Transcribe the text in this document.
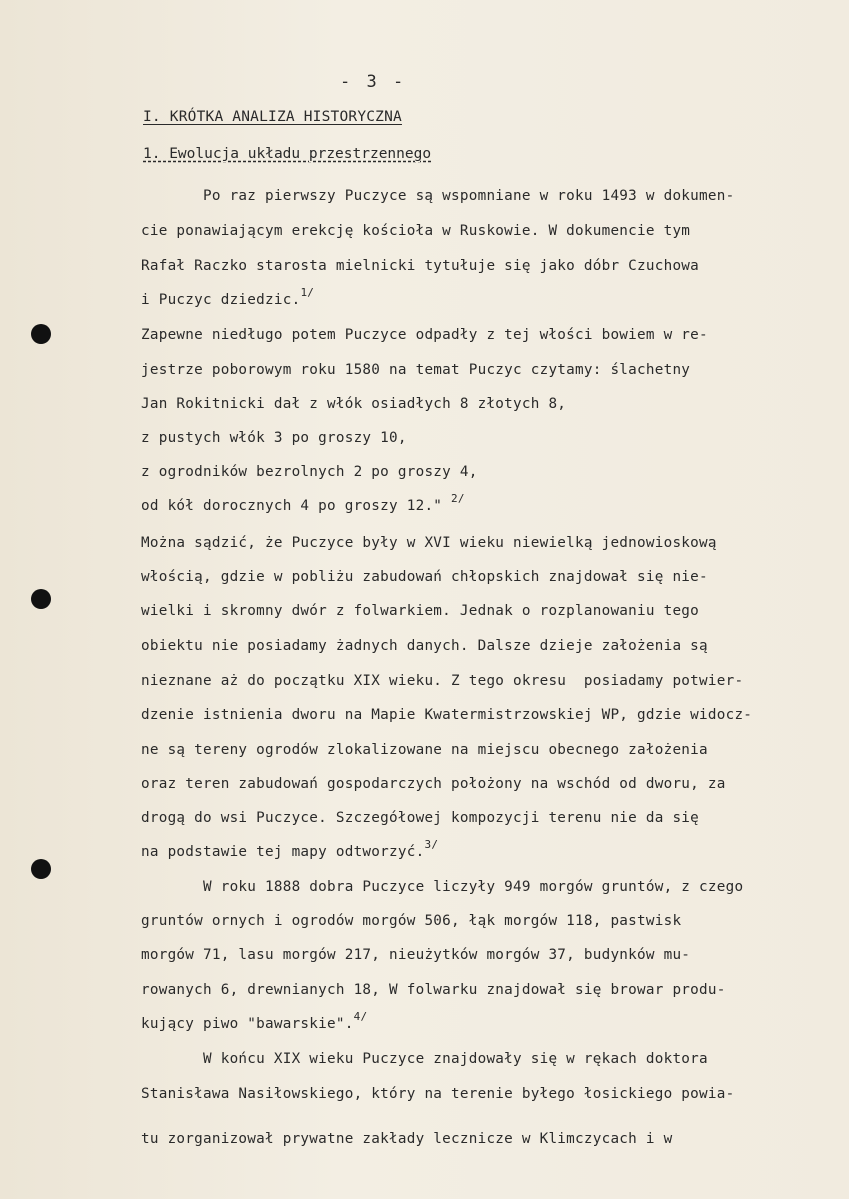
- 3 -
I. KRÓTKA ANALIZA HISTORYCZNA
1. Ewolucja układu przestrzennego
Po raz pierwszy Puczyce są wspomniane w roku 1493 w dokumen-
cie ponawiającym erekcję kościoła w Ruskowie. W dokumencie tym
Rafał Raczko starosta mielnicki tytułuje się jako dóbr Czuchowa
i Puczyc dziedzic.$^{1/}$
Zapewne niedługo potem Puczyce odpadły z tej włości bowiem w re-
jestrze poborowym roku 1580 na temat Puczyc czytamy: ślachetny
Jan Rokitnicki dał z włók osiadłych 8 złotych 8,
z pustych włók 3 po groszy 10,
z ogrodników bezrolnych 2 po groszy 4,
od kół dorocznych 4 po groszy 12." $^{2/}$
Można sądzić, że Puczyce były w XVI wieku niewielką jednowioskową
włością, gdzie w pobliżu zabudowań chłopskich znajdował się nie-
wielki i skromny dwór z folwarkiem. Jednak o rozplanowaniu tego
obiektu nie posiadamy żadnych danych. Dalsze dzieje założenia są
nieznane aż do początku XIX wieku. Z tego okresu  posiadamy potwier-
dzenie istnienia dworu na Mapie Kwatermistrzowskiej WP, gdzie widocz-
ne są tereny ogrodów zlokalizowane na miejscu obecnego założenia
oraz teren zabudowań gospodarczych położony na wschód od dworu, za
drogą do wsi Puczyce. Szczegółowej kompozycji terenu nie da się
na podstawie tej mapy odtworzyć.$^{3/}$
W roku 1888 dobra Puczyce liczyły 949 morgów gruntów, z czego
gruntów ornych i ogrodów morgów 506, łąk morgów 118, pastwisk
morgów 71, lasu morgów 217, nieużytków morgów 37, budynków mu-
rowanych 6, drewnianych 18, W folwarku znajdował się browar produ-
kujący piwo "bawarskie".$^{4/}$
W końcu XIX wieku Puczyce znajdowały się w rękach doktora
Stanisława Nasiłowskiego, który na terenie byłego łosickiego powia-
tu zorganizował prywatne zakłady lecznicze w Klimczycach i w
